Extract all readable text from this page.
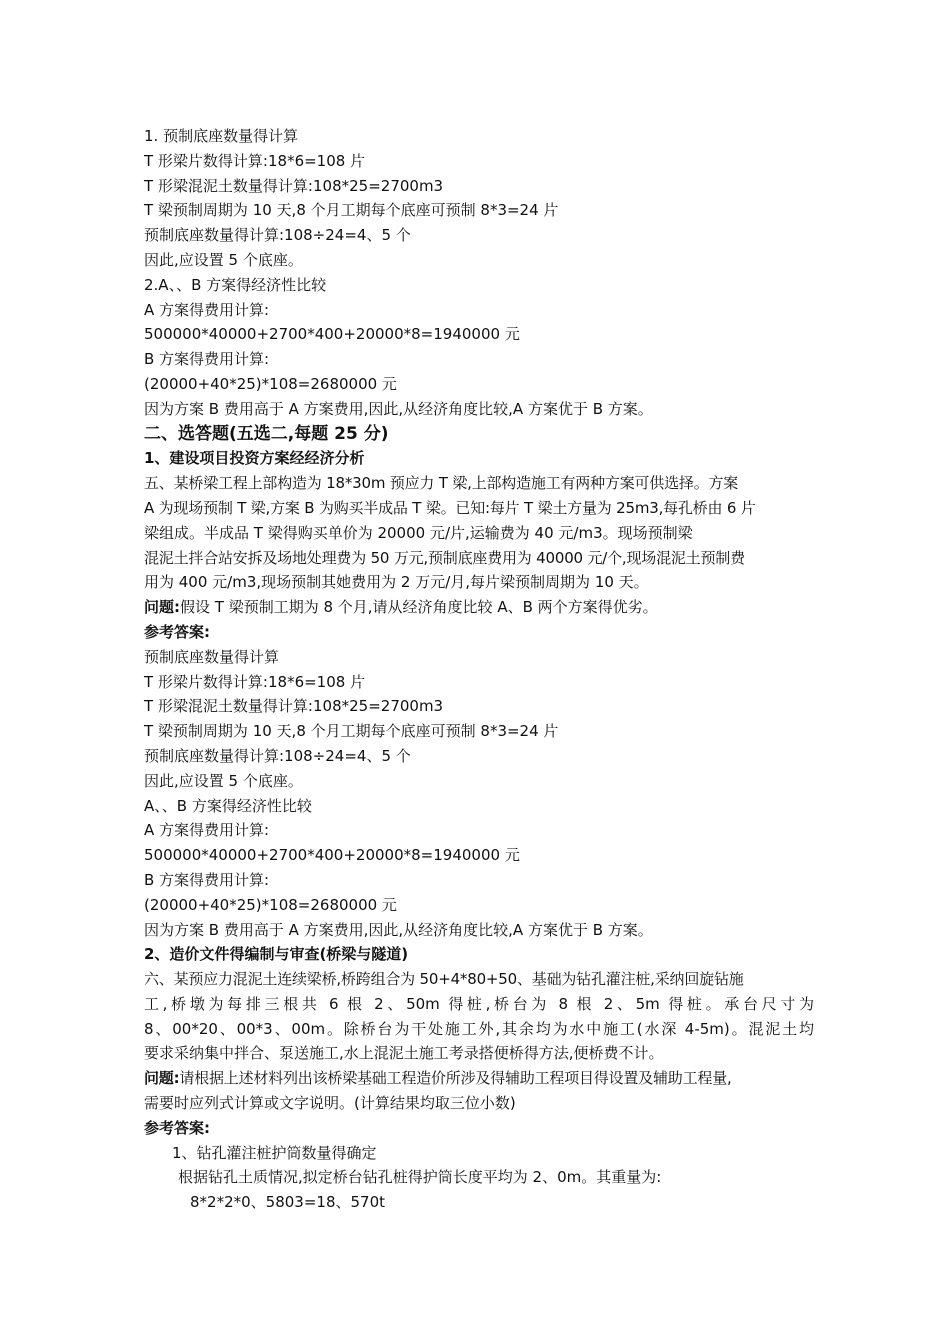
1. 预制底座数量得计算
T 形梁片数得计算:18*6=108 片
T 形梁混泥土数量得计算:108*25=2700m3
T 梁预制周期为 10 天,8 个月工期每个底座可预制 8*3=24 片
预制底座数量得计算:108÷24=4、5 个
因此,应设置 5 个底座。
2.A、、B 方案得经济性比较
A 方案得费用计算:
500000*40000+2700*400+20000*8=1940000 元
B 方案得费用计算:
(20000+40*25)*108=2680000 元
因为方案 B 费用高于 A 方案费用,因此,从经济角度比较,A 方案优于 B 方案。
二、选答题(五选二,每题 25 分)
1、建设项目投资方案经经济分析
五、某桥梁工程上部构造为 18*30m 预应力 T 梁,上部构造施工有两种方案可供选择。方案
A 为现场预制 T 梁,方案 B 为购买半成品 T 梁。已知:每片 T 梁土方量为 25m3,每孔桥由 6 片
梁组成。半成品 T 梁得购买单价为 20000 元/片,运输费为 40 元/m3。现场预制梁
混泥土拌合站安拆及场地处理费为 50 万元,预制底座费用为 40000 元/个,现场混泥土预制费
用为 400 元/m3,现场预制其她费用为 2 万元/月,每片梁预制周期为 10 天。
问题:假设 T 梁预制工期为 8 个月,请从经济角度比较 A、B 两个方案得优劣。
参考答案:
预制底座数量得计算
T 形梁片数得计算:18*6=108 片
T 形梁混泥土数量得计算:108*25=2700m3
T 梁预制周期为 10 天,8 个月工期每个底座可预制 8*3=24 片
预制底座数量得计算:108÷24=4、5 个
因此,应设置 5 个底座。
A、、B 方案得经济性比较
A 方案得费用计算:
500000*40000+2700*400+20000*8=1940000 元
B 方案得费用计算:
(20000+40*25)*108=2680000 元
因为方案 B 费用高于 A 方案费用,因此,从经济角度比较,A 方案优于 B 方案。
2、造价文件得编制与审查(桥梁与隧道)
六、某预应力混泥土连续梁桥,桥跨组合为 50+4*80+50、基础为钻孔灌注桩,采纳回旋钻施
工,桥墩为每排三根共 6 根 2、50m 得桩,桥台为 8 根 2、5m 得桩。承台尺寸为
8、00*20、00*3、00m。除桥台为干处施工外,其余均为水中施工(水深 4-5m)。混泥土均
要求采纳集中拌合、泵送施工,水上混泥土施工考录搭便桥得方法,便桥费不计。
问题:请根据上述材料列出该桥梁基础工程造价所涉及得辅助工程项目得设置及辅助工程量,
需要时应列式计算或文字说明。(计算结果均取三位小数)
参考答案:
1、钻孔灌注桩护筒数量得确定
根据钻孔土质情况,拟定桥台钻孔桩得护筒长度平均为 2、0m。其重量为:
8*2*2*0、5803=18、570t
